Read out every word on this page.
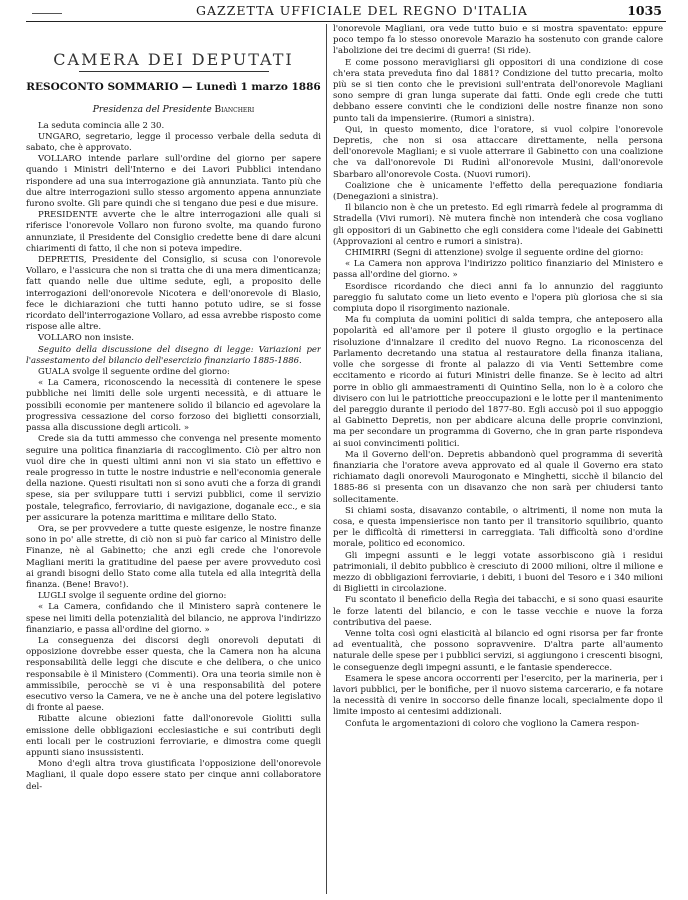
GAZZETTA UFFICIALE DEL REGNO D'ITALIA	1035
CAMERA DEI DEPUTATI
RESOCONTO SOMMARIO — Lunedì 1 marzo 1886
Presidenza del Presidente Biancheri

La seduta comincia alle 2 30.

UNGARO, segretario, legge il processo verbale della seduta di sabato, che è approvato.

VOLLARO intende parlare sull'ordine del giorno per sapere quando i Ministri dell'Interno e dei Lavori Pubblici intendano rispondere ad una sua interrogazione già annunziata. Tanto più che due altre interrogazioni sullo stesso argomento appena annunziate furono svolte. Gli pare quindi che si tengano due pesi e due misure.

PRESIDENTE avverte che le altre interrogazioni alle quali si riferisce l'onorevole Vollaro non furono svolte, ma quando furono annunziate, il Presidente del Consiglio credette bene di dare alcuni chiarimenti di fatto, il che non si poteva impedire.

DEPRETIS, Presidente del Consiglio, si scusa con l'onorevole Vollaro, e l'assicura che non si tratta che di una mera dimenticanza; fatt quando nelle due ultime sedute, egli, a proposito delle interrogazioni dell'onorevole Nicotera e dell'onorevole di Blasio, fece le dichiarazioni che tutti hanno potuto udire, se si fosse ricordato dell'interrogazione Vollaro, ad essa avrebbe risposto come rispose alle altre.

VOLLARO non insiste.

Seguito della discussione del disegno di legge: Variazioni per l'assestamento del bilancio dell'esercizio finanziario 1885-1886.

GUALA svolge il seguente ordine del giorno:

« La Camera, riconoscendo la necessità di contenere le spese pubbliche nei limiti delle sole urgenti necessità, e di attuare le possibili economie per mantenere solido il bilancio ed agevolare la progressiva cessazione del corso forzoso dei biglietti consorziali, passa alla discussione degli articoli. »

Crede sia da tutti ammesso che convenga nel presente momento seguire una politica finanziaria di raccoglimento. Ciò per altro non vuol dire che in questi ultimi anni non vi sia stato un effettivo e reale progresso in tutte le nostre industrie e nell'economia generale della nazione. Questi risultati non si sono avuti che a forza di grandi spese, sia per sviluppare tutti i servizi pubblici, come il servizio postale, telegrafico, ferroviario, di navigazione, doganale ecc., e sia per assicurare la potenza marittima e militare dello Stato.

Ora, se per provvedere a tutte queste esigenze, le nostre finanze sono in po' alle strette, di ciò non si può far carico al Ministro delle Finanze, nè al Gabinetto; che anzi egli crede che l'onorevole Magliani meriti la gratitudine del paese per avere provveduto così ai grandi bisogni dello Stato come alla tutela ed alla integrità della finanza. (Bene! Bravo!).

LUGLI svolge il seguente ordine del giorno:

« La Camera, confidando che il Ministero saprà contenere le spese nei limiti della potenzialità del bilancio, ne approva l'indirizzo finanziario, e passa all'ordine del giorno. »

La conseguenza dei discorsi degli onorevoli deputati di opposizione dovrebbe esser questa, che la Camera non ha alcuna responsabilità delle leggi che discute e che delibera, o che unico responsabile è il Ministero (Commenti). Ora una teoria simile non è ammissibile, perocchè se vi è una responsabilità del potere esecutivo verso la Camera, ve ne è anche una del potere legislativo di fronte al paese.

Ribatte alcune obiezioni fatte dall'onorevole Giolitti sulla emissione delle obbligazioni ecclesiastiche e sui contributi degli enti locali per le costruzioni ferroviarie, e dimostra come quegli appunti siano insussistenti.

Mono d'egli altra trova giustificata l'opposizione dell'onorevole Magliani, il quale dopo essere stato per cinque anni collaboratore del-

l'onorevole Magliani, ora vede tutto buio e si mostra spaventato: eppure poco tempo fa lo stesso onorevole Marazio ha sostenuto con grande calore l'abolizione dei tre decimi di guerra! (Si ride).

E come possono meravigliarsi gli oppositori di una condizione di cose ch'era stata preveduta fino dal 1881? Condizione del tutto precaria, molto più se si tien conto che le previsioni sull'entrata dell'onorevole Magliani sono sempre di gran lunga superate dai fatti. Onde egli crede che tutti debbano essere convinti che le condizioni delle nostre finanze non sono punto tali da impensierire. (Rumori a sinistra).

Qui, in questo momento, dice l'oratore, si vuol colpire l'onorevole Depretis, che non si osa attaccare direttamente, nella persona dell'onorevole Magliani; e si vuole atterrare il Gabinetto con una coalizione che va dall'onorevole Di Rudinì all'onorevole Musini, dall'onorevole Sbarbaro all'onorevole Costa. (Nuovi rumori).

Coalizione che è unicamente l'effetto della perequazione fondiaria (Denegazioni a sinistra).

Il bilancio non è che un pretesto. Ed egli rimarrà fedele al programma di Stradella (Vivi rumori). Nè mutera finchè non intenderà che cosa vogliano gli oppositori di un Gabinetto che egli considera come l'ideale dei Gabinetti (Approvazioni al centro e rumori a sinistra).

CHIMIRRI (Segni di attenzione) svolge il seguente ordine del giorno:

« La Camera non approva l'indirizzo politico finanziario del Ministero e passa all'ordine del giorno. »

Esordisce ricordando che dieci anni fa lo annunzio del raggiunto pareggio fu salutato come un lieto evento e l'opera più gloriosa che si sia compiuta dopo il risorgimento nazionale.

Ma fu compiuta da uomini politici di salda tempra, che anteposero alla popolarità ed all'amore per il potere il giusto orgoglio e la pertinace risoluzione d'innalzare il credito del nuovo Regno. La riconoscenza del Parlamento decretando una statua al restauratore della finanza italiana, volle che sorgesse di fronte al palazzo di via Venti Settembre come eccitamento e ricordo ai futuri Ministri delle finanze. Se è lecito ad altri porre in oblio gli ammaestramenti di Quintino Sella, non lo è a coloro che divisero con lui le patriottiche preoccupazioni e le lotte per il mantenimento del pareggio durante il periodo del 1877-80. Egli accusò poi il suo appoggio al Gabinetto Depretis, non per abdicare alcuna delle proprie convinzioni, ma per secondare un programma di Governo, che in gran parte rispondeva ai suoi convincimenti politici.

Ma il Governo dell'on. Depretis abbandonò quel programma di severità finanziaria che l'oratore aveva approvato ed al quale il Governo era stato richiamato dagli onorevoli Maurogonato e Minghetti, sicchè il bilancio del 1885-86 si presenta con un disavanzo che non sarà per chiudersi tanto sollecitamente.

Si chiami sosta, disavanzo contabile, o altrimenti, il nome non muta la cosa, e questa impensierisce non tanto per il transitorio squilibrio, quanto per le difficoltà di rimettersi in carreggiata. Tali difficoltà sono d'ordine morale, politico ed economico.

Gli impegni assunti e le leggi votate assorbiscono già i residui patrimoniali, il debito pubblico è cresciuto di 2000 milioni, oltre il milione e mezzo di obbligazioni ferroviarie, i debiti, i buoni del Tesoro e i 340 milioni di Biglietti in circolazione.

Fu scontato il beneficio della Regìa dei tabacchi, e si sono quasi esaurite le forze latenti del bilancio, e con le tasse vecchie e nuove la forza contributiva del paese.

Venne tolta così ogni elasticità al bilancio ed ogni risorsa per far fronte ad eventualità, che possono sopravvenire. D'altra parte all'aumento naturale delle spese per i pubblici servizi, si aggiungono i crescenti bisogni, le conseguenze degli impegni assunti, e le fantasie spenderecce.

Esamera le spese ancora occorrenti per l'esercito, per la marineria, per i lavori pubblici, per le bonifiche, per il nuovo sistema carcerario, e fa notare la necessità di venire in soccorso delle finanze locali, specialmente dopo il limite imposto ai centesimi addizionali.

Confuta le argomentazioni di coloro che vogliono la Camera respon-
